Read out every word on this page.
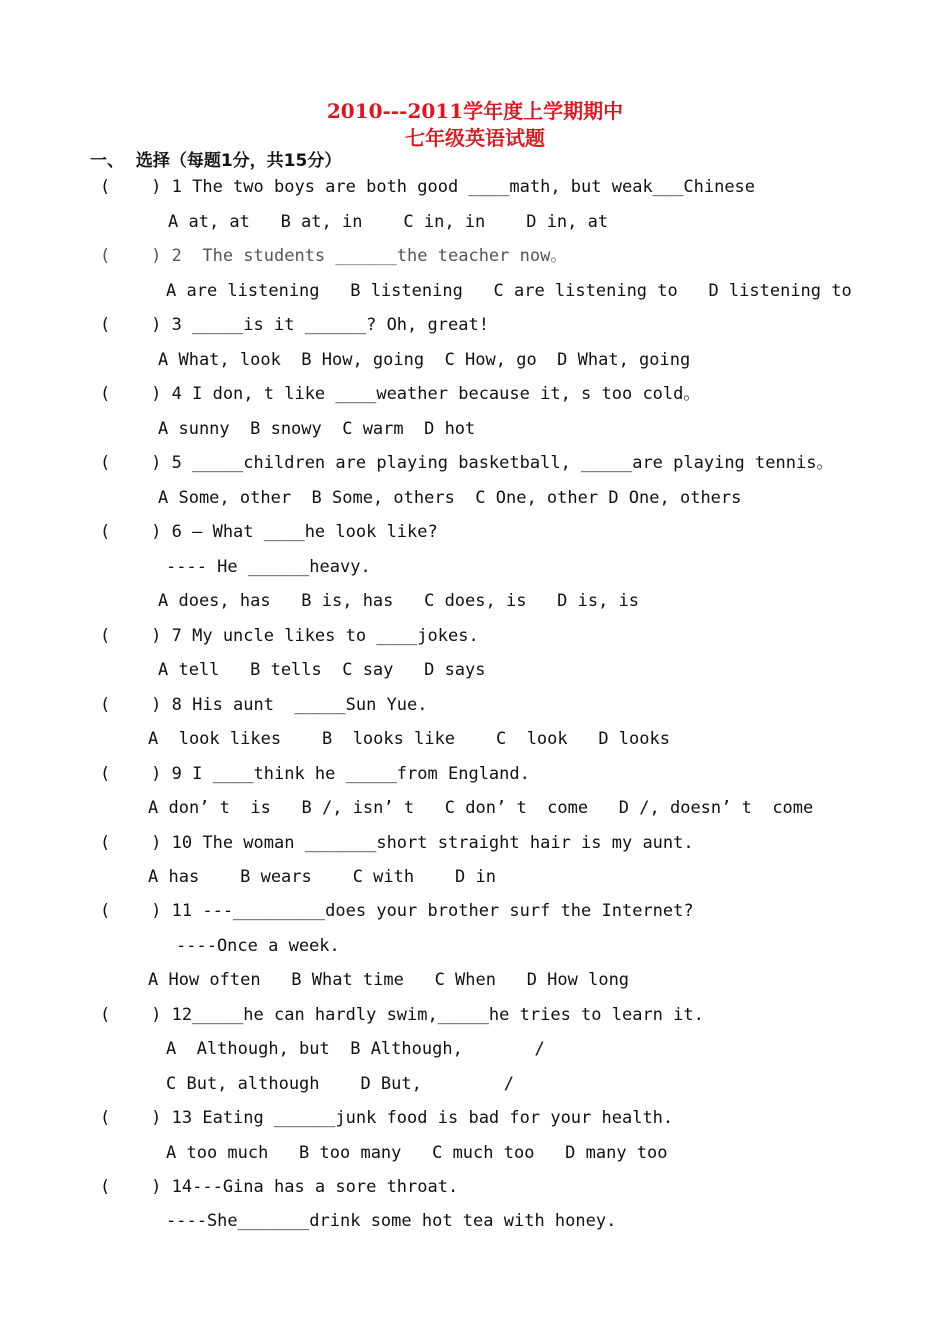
2010---2011学年度上学期期中
七年级英语试题
一、  选择（每题1分，共15分）
(    ) 1 The two boys are both good ____math, but weak___Chinese
A at, at   B at, in    C in, in    D in, at
(    ) 2  The students ______the teacher now。
A are listening   B listening   C are listening to   D listening to
(    ) 3 _____is it ______? Oh, great!
A What, look  B How, going  C How, go  D What, going
(    ) 4 I don, t like ____weather because it, s too cold。
A sunny  B snowy  C warm  D hot
(    ) 5 _____children are playing basketball, _____are playing tennis。
A Some, other  B Some, others  C One, other D One, others
(    ) 6 — What ____he look like?
---- He ______heavy.
A does, has   B is, has   C does, is   D is, is
(    ) 7 My uncle likes to ____jokes.
A tell   B tells  C say   D says
(    ) 8 His aunt  _____Sun Yue.
A  look likes    B  looks like    C  look   D looks
(    ) 9 I ____think he _____from England.
A don’ t  is   B /, isn’ t   C don’ t  come   D /, doesn’ t  come
(    ) 10 The woman _______short straight hair is my aunt.
A has    B wears    C with    D in
(    ) 11 ---_________does your brother surf the Internet?
----Once a week.
A How often   B What time   C When   D How long
(    ) 12_____he can hardly swim,_____he tries to learn it.
A  Although, but  B Although,       /
C But, although    D But,        /
(    ) 13 Eating ______junk food is bad for your health.
A too much   B too many   C much too   D many too
(    ) 14---Gina has a sore throat.
----She_______drink some hot tea with honey.
